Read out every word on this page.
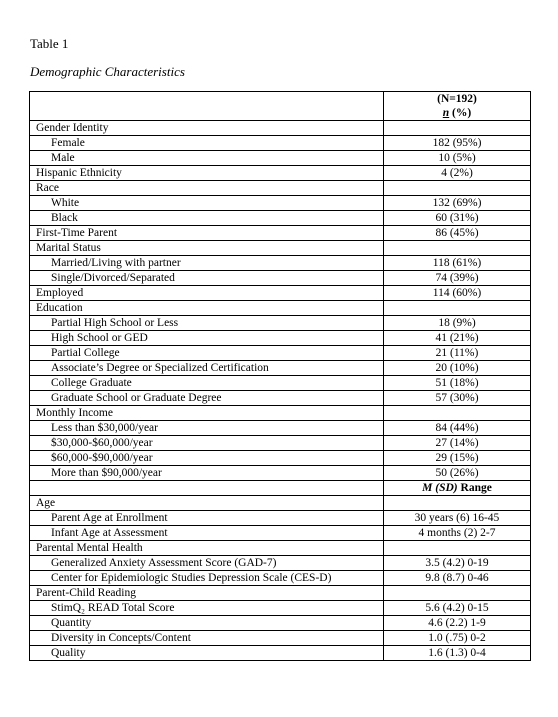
Table 1
Demographic Characteristics

	(N=192)
n (%)

Gender Identity	
Female	182 (95%)
Male	10 (5%)
Hispanic Ethnicity	4 (2%)
Race	
White	132 (69%)
Black	60 (31%)
First-Time Parent	86 (45%)
Marital Status	
Married/Living with partner	118 (61%)
Single/Divorced/Separated	74 (39%)
Employed	114 (60%)
Education	
Partial High School or Less	18 (9%)
High School or GED	41 (21%)
Partial College	21 (11%)
Associate’s Degree or Specialized Certification	20 (10%)
College Graduate	51 (18%)
Graduate School or Graduate Degree	57 (30%)
Monthly Income	
Less than $30,000/year	84 (44%)
$30,000-$60,000/year	27 (14%)
$60,000-$90,000/year	29 (15%)
More than $90,000/year	50 (26%)
	M (SD) Range
Age	
Parent Age at Enrollment	30 years (6) 16-45
Infant Age at Assessment	4 months (2) 2-7
Parental Mental Health	
Generalized Anxiety Assessment Score (GAD-7)	3.5 (4.2) 0-19
Center for Epidemiologic Studies Depression Scale (CES-D)	9.8 (8.7) 0-46
Parent-Child Reading	
StimQ₂ READ Total Score	5.6 (4.2) 0-15
Quantity	4.6 (2.2) 1-9
Diversity in Concepts/Content	1.0 (.75) 0-2
Quality	1.6 (1.3) 0-4
